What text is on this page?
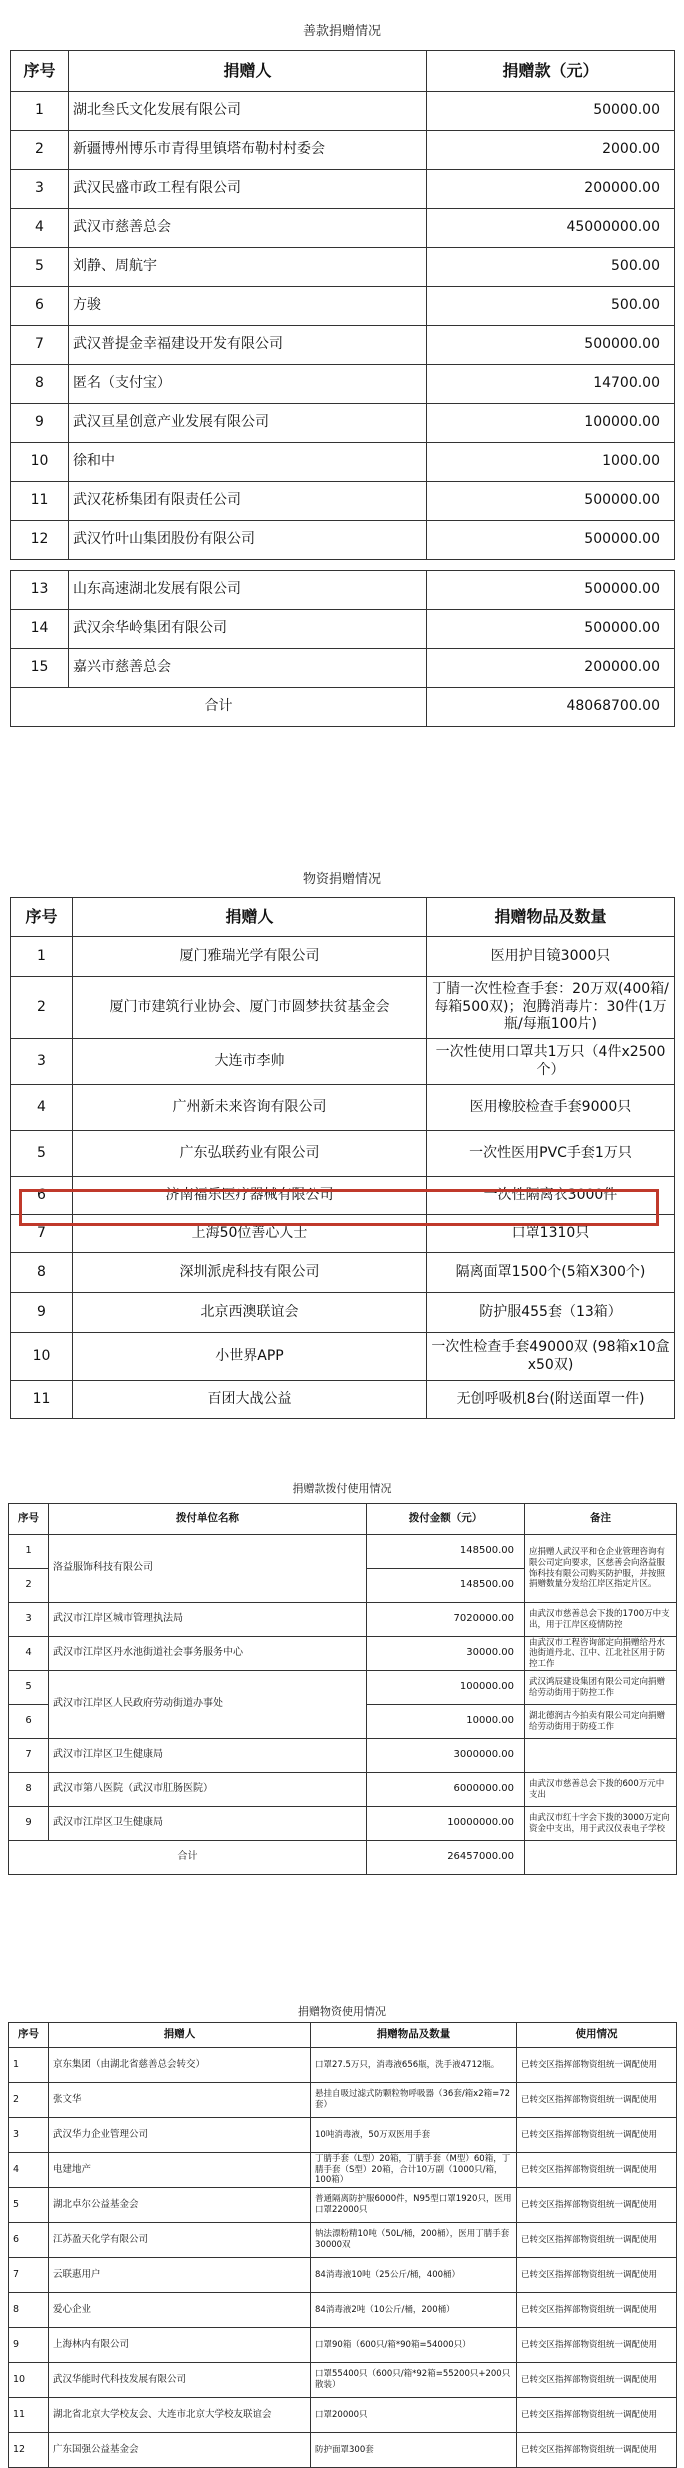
善款捐赠情况
序号	捐赠人	捐赠款（元）
1	湖北叁氏文化发展有限公司	50000.00
2	新疆博州博乐市青得里镇塔布勒村村委会	2000.00
3	武汉民盛市政工程有限公司	200000.00
4	武汉市慈善总会	45000000.00
5	刘静、周航宇	500.00
6	方骏	500.00
7	武汉普提金幸福建设开发有限公司	500000.00
8	匿名（支付宝）	14700.00
9	武汉亘星创意产业发展有限公司	100000.00
10	徐和中	1000.00
11	武汉花桥集团有限责任公司	500000.00
12	武汉竹叶山集团股份有限公司	500000.00

13	山东高速湖北发展有限公司	500000.00
14	武汉余华岭集团有限公司	500000.00
15	嘉兴市慈善总会	200000.00
合计		48068700.00
物资捐赠情况
序号	捐赠人	捐赠物品及数量
1	厦门雅瑞光学有限公司	医用护目镜3000只
2	厦门市建筑行业协会、厦门市圆梦扶贫基金会	丁腈一次性检查手套：20万双(400箱/每箱500双)；泡腾消毒片：30件(1万瓶/每瓶100片)
3	大连市李帅	一次性使用口罩共1万只（4件x2500个）
4	广州新未来咨询有限公司	医用橡胶检查手套9000只
5	广东弘联药业有限公司	一次性医用PVC手套1万只
6	济南福乐医疗器械有限公司	一次性隔离衣3000件
7	上海50位善心人士	口罩1310只
8	深圳派虎科技有限公司	隔离面罩1500个(5箱X300个)
9	北京西澳联谊会	防护服455套（13箱）
10	小世界APP	一次性检查手套49000双 (98箱x10盒x50双)
11	百团大战公益	无创呼吸机8台(附送面罩一件)
捐赠款拨付使用情况
序号	拨付单位名称	拨付金额（元）	备注
1	洛益服饰科技有限公司	148500.00	应捐赠人武汉平和仓企业管理咨询有限公司定向要求，区慈善会向洛益服饰科技有限公司购买防护服，并按照捐赠数量分发给江岸区指定片区。
2		148500.00	
3	武汉市江岸区城市管理执法局	7020000.00	由武汉市慈善总会下拨的1700万中支出，用于江岸区疫情防控
4	武汉市江岸区丹水池街道社会事务服务中心	30000.00	由武汉市工程咨询部定向捐赠给丹水池街道丹北、江中、江北社区用于防控工作
5	武汉市江岸区人民政府劳动街道办事处	100000.00	武汉鸿辰建设集团有限公司定向捐赠给劳动街用于防控工作
6		10000.00	湖北德润古今拍卖有限公司定向捐赠给劳动街用于防疫工作
7	武汉市江岸区卫生健康局	3000000.00	
8	武汉市第八医院（武汉市肛肠医院）	6000000.00	由武汉市慈善总会下拨的600万元中支出
9	武汉市江岸区卫生健康局	10000000.00	由武汉市红十字会下拨的3000万定向资金中支出，用于武汉仪表电子学校
合计		26457000.00	
捐赠物资使用情况
序号	捐赠人	捐赠物品及数量	使用情况
1	京东集团（由湖北省慈善总会转交）	口罩27.5万只，消毒液656瓶，洗手液4712瓶。	已转交区指挥部物资组统一调配使用
2	张文华	悬挂自吸过滤式防颗粒物呼吸器（36套/箱x2箱=72套）	已转交区指挥部物资组统一调配使用
3	武汉华力企业管理公司	10吨消毒液，50万双医用手套	已转交区指挥部物资组统一调配使用
4	电建地产	丁腈手套（L型）20箱，丁腈手套（M型）60箱，丁腈手套（S型）20箱，合计10万副（1000只/箱，100箱）	已转交区指挥部物资组统一调配使用
5	湖北卓尔公益基金会	普通隔离防护服6000件，N95型口罩1920只，医用口罩22000只	已转交区指挥部物资组统一调配使用
6	江苏盈天化学有限公司	钠法漂粉精10吨（50L/桶，200桶），医用丁腈手套30000双	已转交区指挥部物资组统一调配使用
7	云联惠用户	84消毒液10吨（25公斤/桶，400桶）	已转交区指挥部物资组统一调配使用
8	爱心企业	84消毒液2吨（10公斤/桶，200桶）	已转交区指挥部物资组统一调配使用
9	上海林内有限公司	口罩90箱（600只/箱*90箱=54000只）	已转交区指挥部物资组统一调配使用
10	武汉华能时代科技发展有限公司	口罩55400只（600只/箱*92箱=55200只+200只散装）	已转交区指挥部物资组统一调配使用
11	湖北省北京大学校友会、大连市北京大学校友联谊会	口罩20000只	已转交区指挥部物资组统一调配使用
12	广东国强公益基金会	防护面罩300套	已转交区指挥部物资组统一调配使用
